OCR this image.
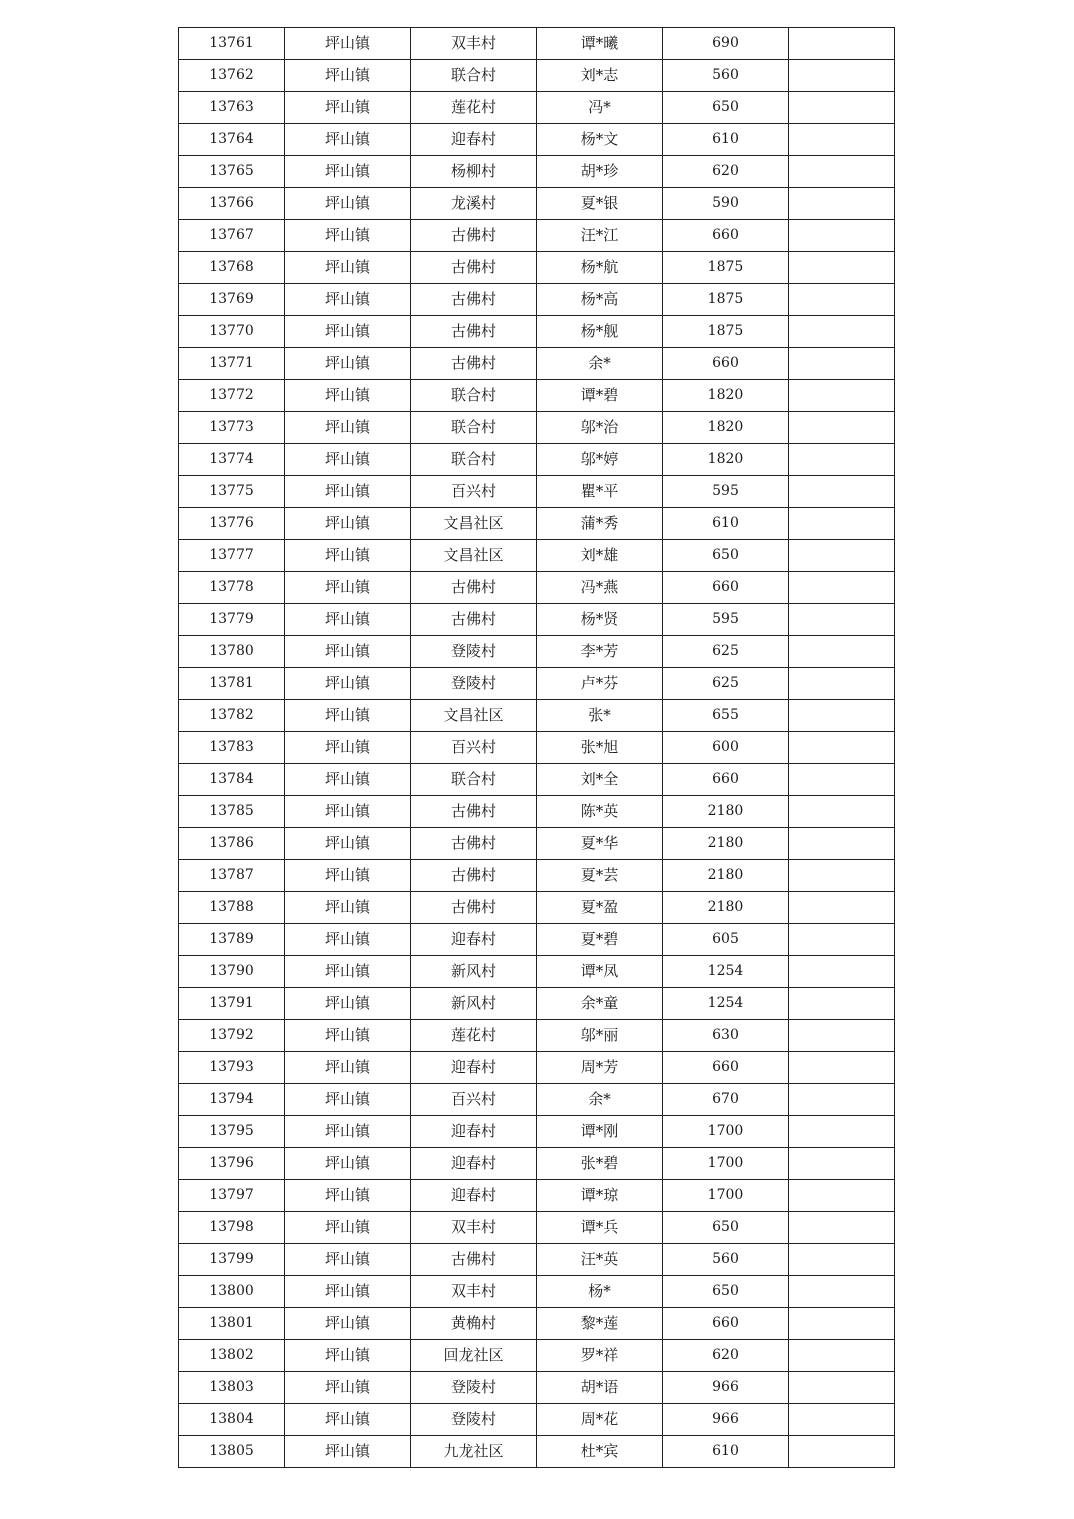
13761	坪山镇	双丰村	谭*曦	690	
13762	坪山镇	联合村	刘*志	560	
13763	坪山镇	莲花村	冯*	650	
13764	坪山镇	迎春村	杨*文	610	
13765	坪山镇	杨柳村	胡*珍	620	
13766	坪山镇	龙溪村	夏*银	590	
13767	坪山镇	古佛村	汪*江	660	
13768	坪山镇	古佛村	杨*航	1875	
13769	坪山镇	古佛村	杨*高	1875	
13770	坪山镇	古佛村	杨*舰	1875	
13771	坪山镇	古佛村	余*	660	
13772	坪山镇	联合村	谭*碧	1820	
13773	坪山镇	联合村	邬*治	1820	
13774	坪山镇	联合村	邬*婷	1820	
13775	坪山镇	百兴村	瞿*平	595	
13776	坪山镇	文昌社区	蒲*秀	610	
13777	坪山镇	文昌社区	刘*雄	650	
13778	坪山镇	古佛村	冯*燕	660	
13779	坪山镇	古佛村	杨*贤	595	
13780	坪山镇	登陵村	李*芳	625	
13781	坪山镇	登陵村	卢*芬	625	
13782	坪山镇	文昌社区	张*	655	
13783	坪山镇	百兴村	张*旭	600	
13784	坪山镇	联合村	刘*全	660	
13785	坪山镇	古佛村	陈*英	2180	
13786	坪山镇	古佛村	夏*华	2180	
13787	坪山镇	古佛村	夏*芸	2180	
13788	坪山镇	古佛村	夏*盈	2180	
13789	坪山镇	迎春村	夏*碧	605	
13790	坪山镇	新风村	谭*凤	1254	
13791	坪山镇	新风村	余*童	1254	
13792	坪山镇	莲花村	邬*丽	630	
13793	坪山镇	迎春村	周*芳	660	
13794	坪山镇	百兴村	余*	670	
13795	坪山镇	迎春村	谭*刚	1700	
13796	坪山镇	迎春村	张*碧	1700	
13797	坪山镇	迎春村	谭*琼	1700	
13798	坪山镇	双丰村	谭*兵	650	
13799	坪山镇	古佛村	汪*英	560	
13800	坪山镇	双丰村	杨*	650	
13801	坪山镇	黄桷村	黎*莲	660	
13802	坪山镇	回龙社区	罗*祥	620	
13803	坪山镇	登陵村	胡*语	966	
13804	坪山镇	登陵村	周*花	966	
13805	坪山镇	九龙社区	杜*宾	610	
